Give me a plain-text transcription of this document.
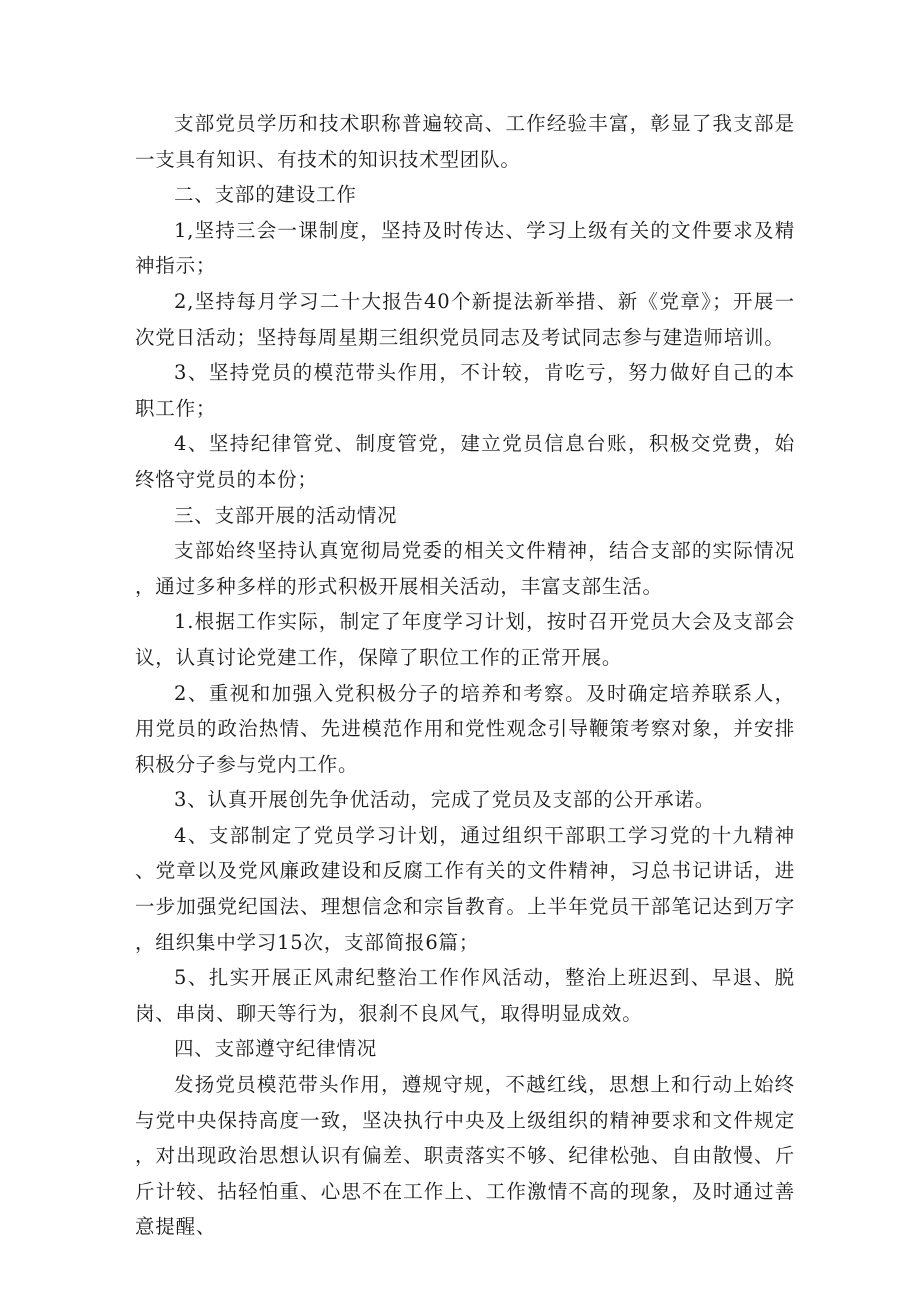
支部党员学历和技术职称普遍较高、工作经验丰富，彰显了我支部是一支具有知识、有技术的知识技术型团队。

二、支部的建设工作

1,坚持三会一课制度，坚持及时传达、学习上级有关的文件要求及精神指示；

2,坚持每月学习二十大报告40个新提法新举措、新《党章》；开展一次党日活动；坚持每周星期三组织党员同志及考试同志参与建造师培训。

3、坚持党员的模范带头作用，不计较，肯吃亏，努力做好自己的本职工作；

4、坚持纪律管党、制度管党，建立党员信息台账，积极交党费，始终恪守党员的本份；

三、支部开展的活动情况

支部始终坚持认真宽彻局党委的相关文件精神，结合支部的实际情况，通过多种多样的形式积极开展相关活动，丰富支部生活。

1.根据工作实际，制定了年度学习计划，按时召开党员大会及支部会议，认真讨论党建工作，保障了职位工作的正常开展。

2、重视和加强入党积极分子的培养和考察。及时确定培养联系人，用党员的政治热情、先进模范作用和党性观念引导鞭策考察对象，并安排积极分子参与党内工作。

3、认真开展创先争优活动，完成了党员及支部的公开承诺。

4、支部制定了党员学习计划，通过组织干部职工学习党的十九精神、党章以及党风廉政建设和反腐工作有关的文件精神，习总书记讲话，进一步加强党纪国法、理想信念和宗旨教育。上半年党员干部笔记达到万字，组织集中学习15次，支部简报6篇；

5、扎实开展正风肃纪整治工作作风活动，整治上班迟到、早退、脱岗、串岗、聊天等行为，狠刹不良风气，取得明显成效。

四、支部遵守纪律情况

发扬党员模范带头作用，遵规守规，不越红线，思想上和行动上始终与党中央保持高度一致，坚决执行中央及上级组织的精神要求和文件规定，对出现政治思想认识有偏差、职责落实不够、纪律松弛、自由散慢、斤斤计较、拈轻怕重、心思不在工作上、工作激情不高的现象，及时通过善意提醒、
